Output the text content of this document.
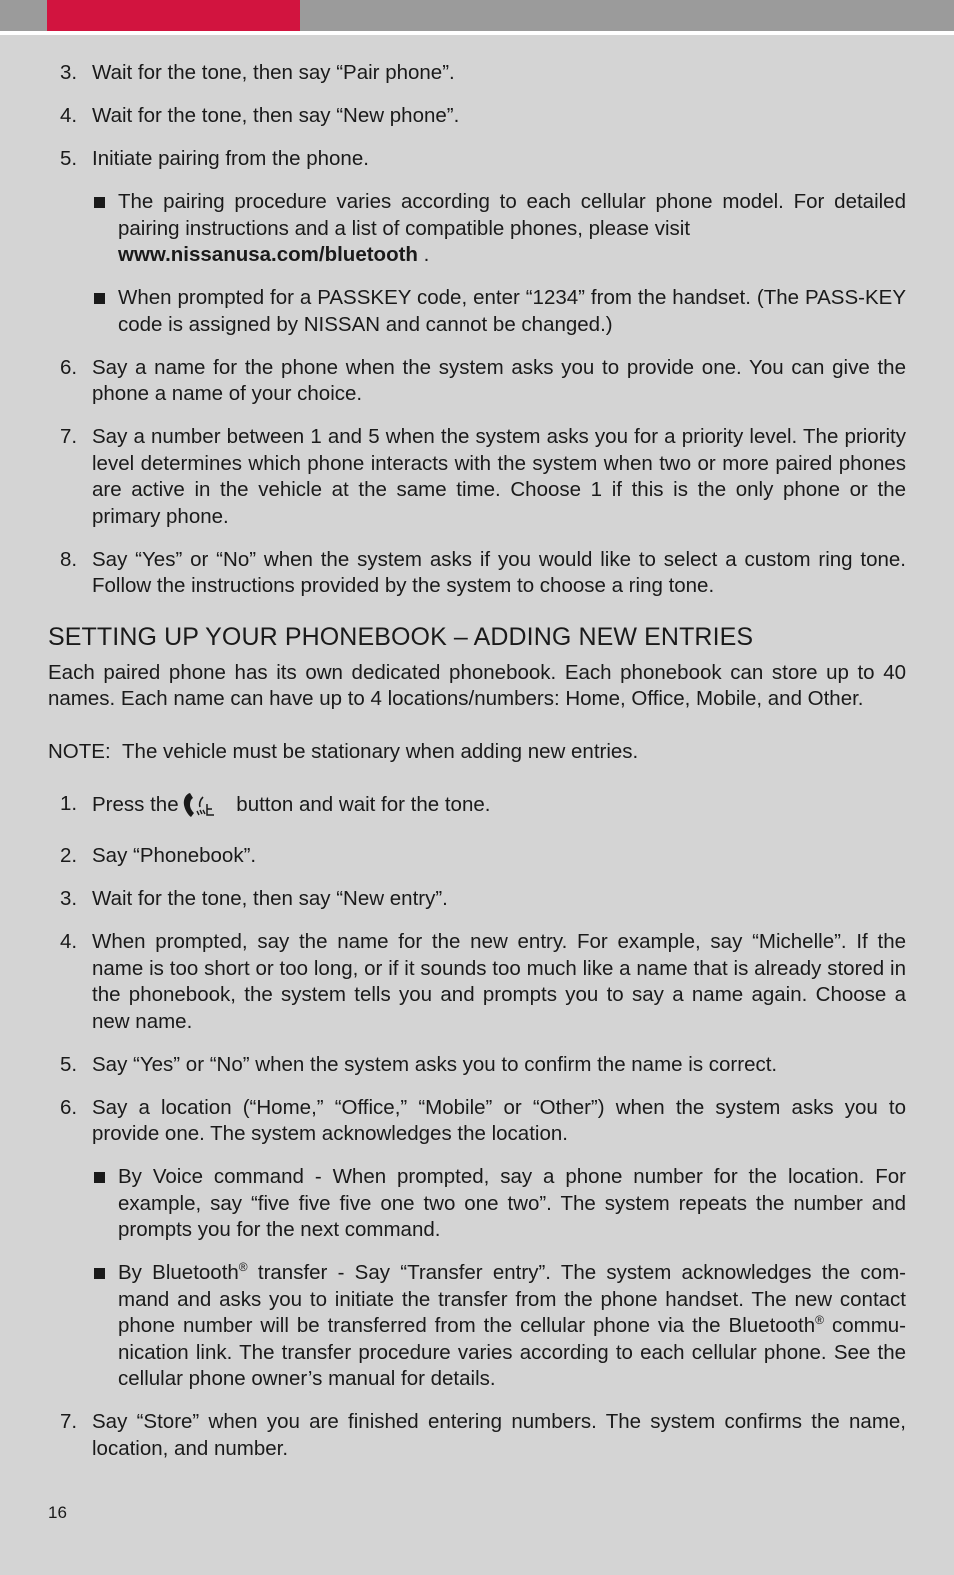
3. Wait for the tone, then say “Pair phone”.
4. Wait for the tone, then say “New phone”.
5. Initiate pairing from the phone.
The pairing procedure varies according to each cellular phone model. For detailed pairing instructions and a list of compatible phones, please visit
www.nissanusa.com/bluetooth .
When prompted for a PASSKEY code, enter “1234” from the handset. (The PASS-KEY code is assigned by NISSAN and cannot be changed.)
6. Say a name for the phone when the system asks you to provide one. You can give the phone a name of your choice.
7. Say a number between 1 and 5 when the system asks you for a priority level. The priority level determines which phone interacts with the system when two or more paired phones are active in the vehicle at the same time. Choose 1 if this is the only phone or the primary phone.
8. Say “Yes” or “No” when the system asks if you would like to select a custom ring tone. Follow the instructions provided by the system to choose a ring tone.
SETTING UP YOUR PHONEBOOK – ADDING NEW ENTRIES

Each paired phone has its own dedicated phonebook. Each phonebook can store up to 40 names. Each name can have up to 4 locations/numbers: Home, Office, Mobile, and Other.

NOTE:  The vehicle must be stationary when adding new entries.

1. Press the	button and wait for the tone.
2. Say “Phonebook”.
3. Wait for the tone, then say “New entry”.
4. When prompted, say the name for the new entry. For example, say “Michelle”. If the name is too short or too long, or if it sounds too much like a name that is already stored in the phonebook, the system tells you and prompts you to say a name again. Choose a new name.
5. Say “Yes” or “No” when the system asks you to confirm the name is correct.
6. Say a location (“Home,” “Office,” “Mobile” or “Other”) when the system asks you to provide one. The system acknowledges the location.
By Voice command - When prompted, say a phone number for the location. For example, say “five five five one two one two”. The system repeats the number and prompts you for the next command.
By Bluetooth® transfer - Say “Transfer entry”. The system acknowledges the com-mand and asks you to initiate the transfer from the phone handset. The new contact phone number will be transferred from the cellular phone via the Bluetooth® commu-nication link. The transfer procedure varies according to each cellular phone. See the cellular phone owner’s manual for details.
7. Say “Store” when you are finished entering numbers. The system confirms the name, location, and number.
16
